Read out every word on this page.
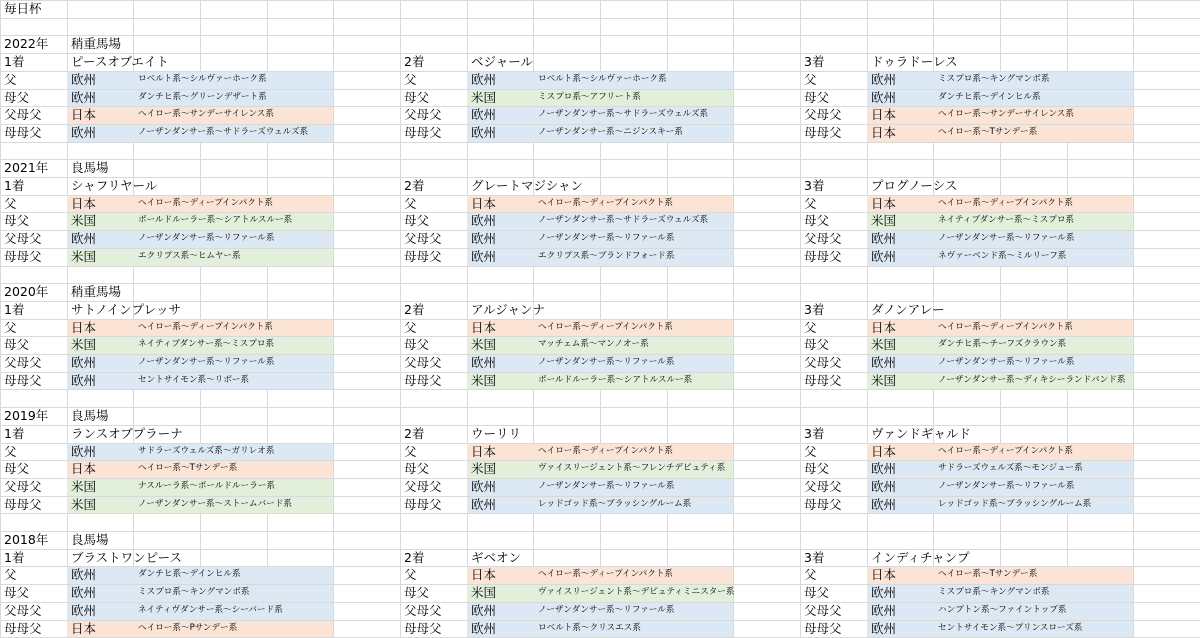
毎日杯
2022年 稍重馬場
1着	ピースオブエイト
父	欧州	ロベルト系〜シルヴァーホーク系
母父	欧州	ダンチヒ系〜グリーンデザート系
父母父 日本	ヘイロー系〜サンデーサイレンス系
母母父 欧州	ノーザンダンサー系〜サドラーズウェルズ系
2着	ベジャール
父	欧州	ロベルト系〜シルヴァーホーク系
母父	米国	ミスプロ系〜アフリート系
父母父 欧州	ノーザンダンサー系〜サドラーズウェルズ系
母母父 欧州	ノーザンダンサー系〜ニジンスキー系
3着	ドゥラドーレス
父	欧州	ミスプロ系〜キングマンボ系
母父	欧州	ダンチヒ系〜デインヒル系
父母父 日本	ヘイロー系〜サンデーサイレンス系
母母父 日本	ヘイロー系〜Tサンデー系
2021年 良馬場
1着	シャフリヤール
父	日本	ヘイロー系〜ディープインパクト系
母父	米国	ボールドルーラー系〜シアトルスルー系
父母父 欧州	ノーザンダンサー系〜リファール系
母母父 米国	エクリプス系〜ヒムヤー系
2着	グレートマジシャン
父	日本	ヘイロー系〜ディープインパクト系
母父	欧州	ノーザンダンサー系〜サドラーズウェルズ系
父母父 欧州	ノーザンダンサー系〜リファール系
母母父 欧州	エクリプス系〜ブランドフォード系
3着	プログノーシス
父	日本	ヘイロー系〜ディープインパクト系
母父	米国	ネイティブダンサー系〜ミスプロ系
父母父 欧州	ノーザンダンサー系〜リファール系
母母父 欧州	ネヴァーベンド系〜ミルリーフ系
2020年 稍重馬場
1着	サトノインプレッサ
父	日本	ヘイロー系〜ディープインパクト系
母父	米国	ネイティブダンサー系〜ミスプロ系
父母父 欧州	ノーザンダンサー系〜リファール系
母母父 欧州	セントサイモン系〜リボー系
2着	アルジャンナ
父	日本	ヘイロー系〜ディープインパクト系
母父	米国	マッチェム系〜マンノオー系
父母父 欧州	ノーザンダンサー系〜リファール系
母母父 米国	ボールドルーラー系〜シアトルスルー系
3着	ダノンアレー
父	日本	ヘイロー系〜ディープインパクト系
母父	米国	ダンチヒ系〜チーフズクラウン系
父母父 欧州	ノーザンダンサー系〜リファール系
母母父 米国	ノーザンダンサー系〜ディキシーランドバンド系
2019年 良馬場
1着	ランスオブプラーナ
父	欧州	サドラーズウェルズ系〜ガリレオ系
母父	日本	ヘイロー系〜Tサンデー系
父母父 米国	ナスルーラ系〜ボールドルーラー系
母母父 米国	ノーザンダンサー系〜ストームバード系
2着	ウーリリ
父	日本	ヘイロー系〜ディープインパクト系
母父	米国	ヴァイスリージェント系〜フレンチデピュティ系
父母父 欧州	ノーザンダンサー系〜リファール系
母母父 欧州	レッドゴッド系〜ブラッシングルーム系
3着	ヴァンドギャルド
父	日本	ヘイロー系〜ディープインパクト系
母父	欧州	サドラーズウェルズ系〜モンジュー系
父母父 欧州	ノーザンダンサー系〜リファール系
母母父 欧州	レッドゴッド系〜ブラッシングルーム系
2018年 良馬場
1着	ブラストワンピース
父	欧州	ダンチヒ系〜デインヒル系
母父	欧州	ミスプロ系〜キングマンボ系
父母父 欧州	ネイティヴダンサー系〜シーバード系
母母父 日本	ヘイロー系〜Pサンデー系
2着	ギベオン
父	日本	ヘイロー系〜ディープインパクト系
母父	米国	ヴァイスリージェント系〜デピュティミニスター系
父母父 欧州	ノーザンダンサー系〜リファール系
母母父 欧州	ロベルト系〜クリスエス系
3着	インディチャンプ
父	日本	ヘイロー系〜Tサンデー系
母父	欧州	ミスプロ系〜キングマンボ系
父母父 欧州	ハンプトン系〜ファイントップ系
母母父 欧州	セントサイモン系〜プリンスローズ系
